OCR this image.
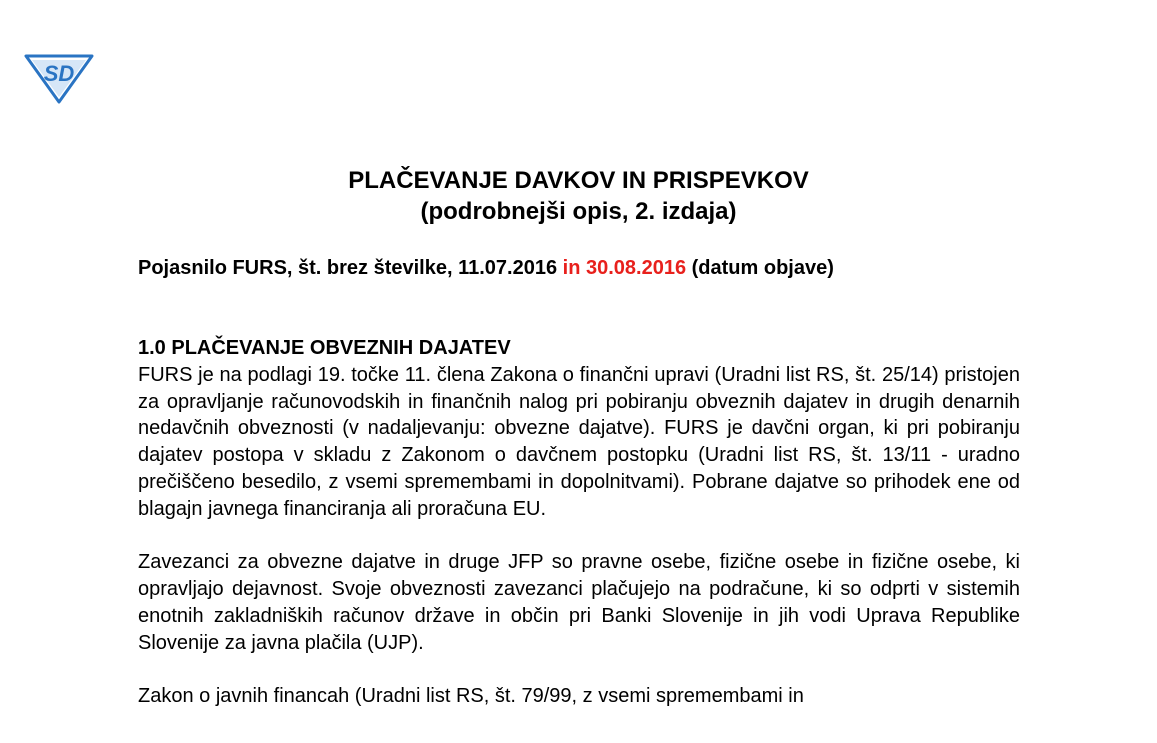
SD
PLAČEVANJE DAVKOV IN PRISPEVKOV
(podrobnejši opis, 2. izdaja)

Pojasnilo FURS, št. brez številke, 11.07.2016 in 30.08.2016 (datum objave)

1.0 PLAČEVANJE OBVEZNIH DAJATEV

FURS je na podlagi 19. točke 11. člena Zakona o finančni upravi (Uradni list RS, št. 25/14) pristojen za opravljanje računovodskih in finančnih nalog pri pobiranju obveznih dajatev in drugih denarnih nedavčnih obveznosti (v nadaljevanju: obvezne dajatve). FURS je davčni organ, ki pri pobiranju dajatev postopa v skladu z Zakonom o davčnem postopku (Uradni list RS, št. 13/11 - uradno prečiščeno besedilo, z vsemi spremembami in dopolnitvami). Pobrane dajatve so prihodek ene od blagajn javnega financiranja ali proračuna EU.

Zavezanci za obvezne dajatve in druge JFP so pravne osebe, fizične osebe in fizične osebe, ki opravljajo dejavnost. Svoje obveznosti zavezanci plačujejo na podračune, ki so odprti v sistemih enotnih zakladniških računov države in občin pri Banki Slovenije in jih vodi Uprava Republike Slovenije za javna plačila (UJP).

Zakon o javnih financah (Uradni list RS, št. 79/99, z vsemi spremembami in
